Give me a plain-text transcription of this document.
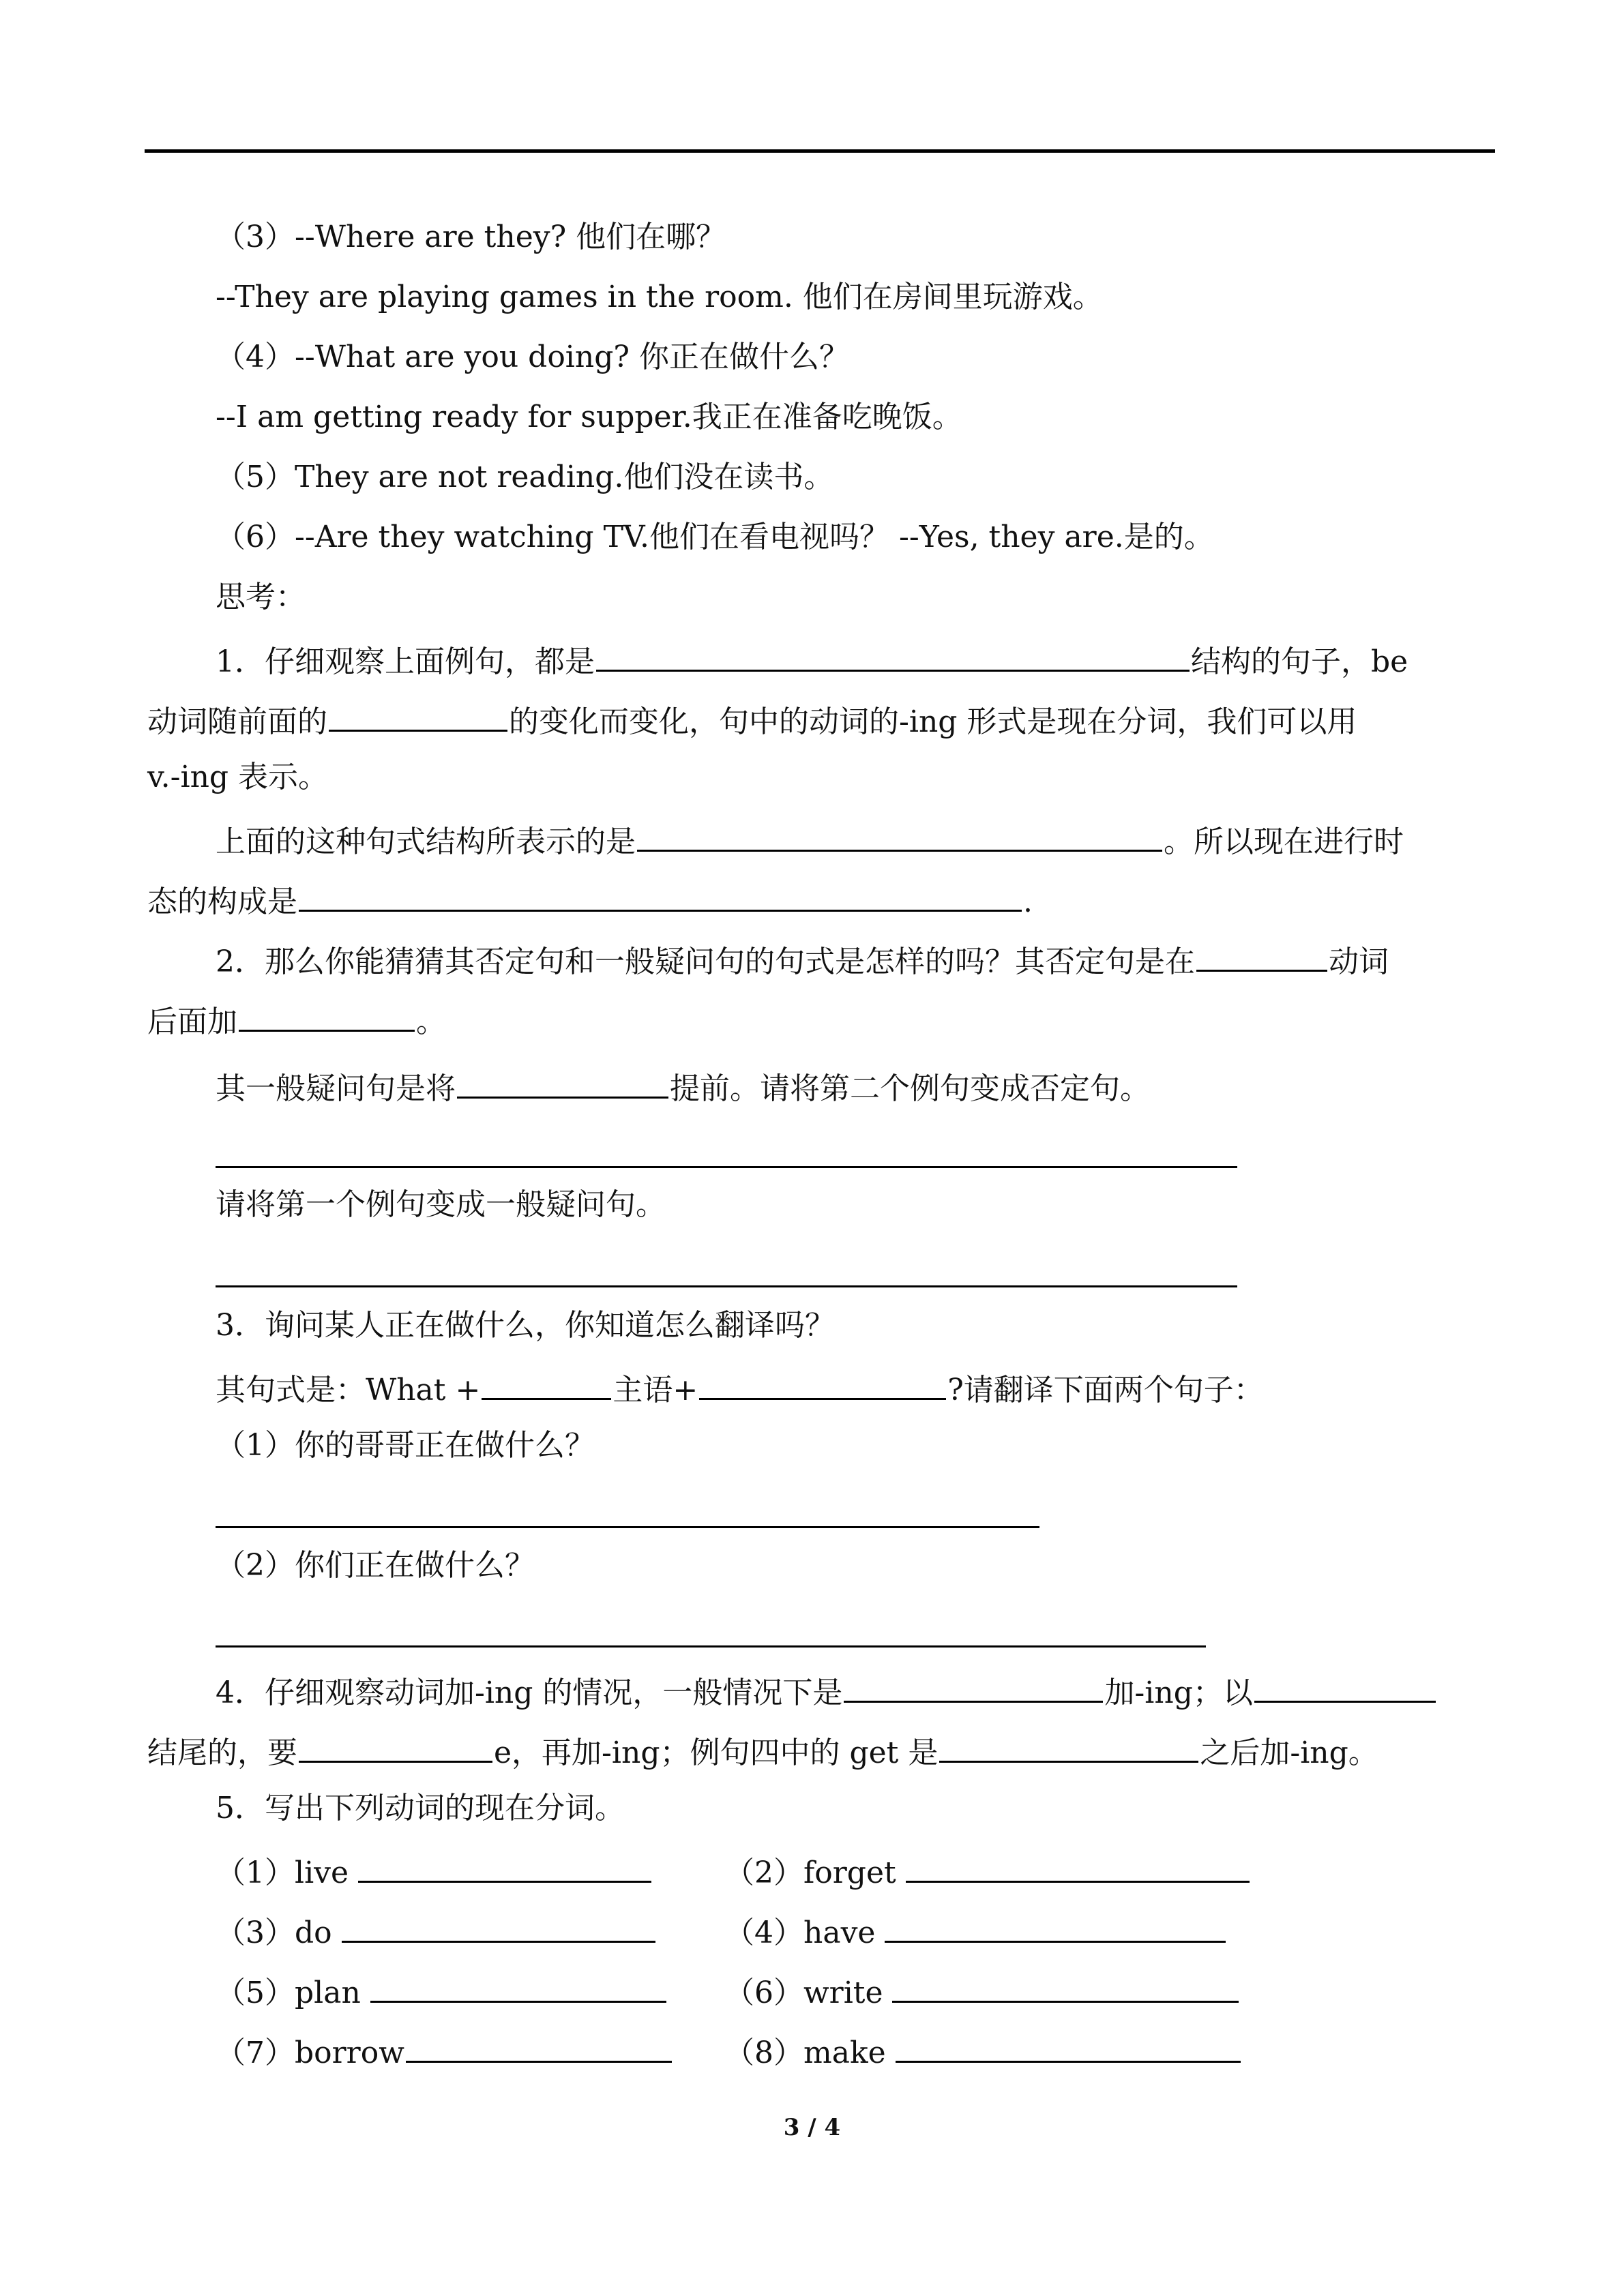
（3）--Where are they? 他们在哪？
--They are playing games in the room. 他们在房间里玩游戏。
（4）--What are you doing? 你正在做什么？
--I am getting ready for supper.我正在准备吃晚饭。
（5）They are not reading.他们没在读书。
（6）--Are they watching TV.他们在看电视吗？ --Yes, they are.是的。
思考：
1．仔细观察上面例句，都是	结构的句子，be
动词随前面的	的变化而变化，句中的动词的-ing 形式是现在分词，我们可以用
v.-ing 表示。
上面的这种句式结构所表示的是	。所以现在进行时
态的构成是	.
2．那么你能猜猜其否定句和一般疑问句的句式是怎样的吗？其否定句是在	动词
后面加	。
其一般疑问句是将	提前。请将第二个例句变成否定句。
请将第一个例句变成一般疑问句。
3．询问某人正在做什么，你知道怎么翻译吗？
其句式是：What +	主语+	?请翻译下面两个句子：
（1）你的哥哥正在做什么？
（2）你们正在做什么？
4．仔细观察动词加-ing 的情况，一般情况下是	加-ing；以
结尾的，要	e，再加-ing；例句四中的 get 是	之后加-ing。
5．写出下列动词的现在分词。
（1）live	（2）forget
（3）do	（4）have
（5）plan	（6）write
（7）borrow	（8）make
3 / 4
